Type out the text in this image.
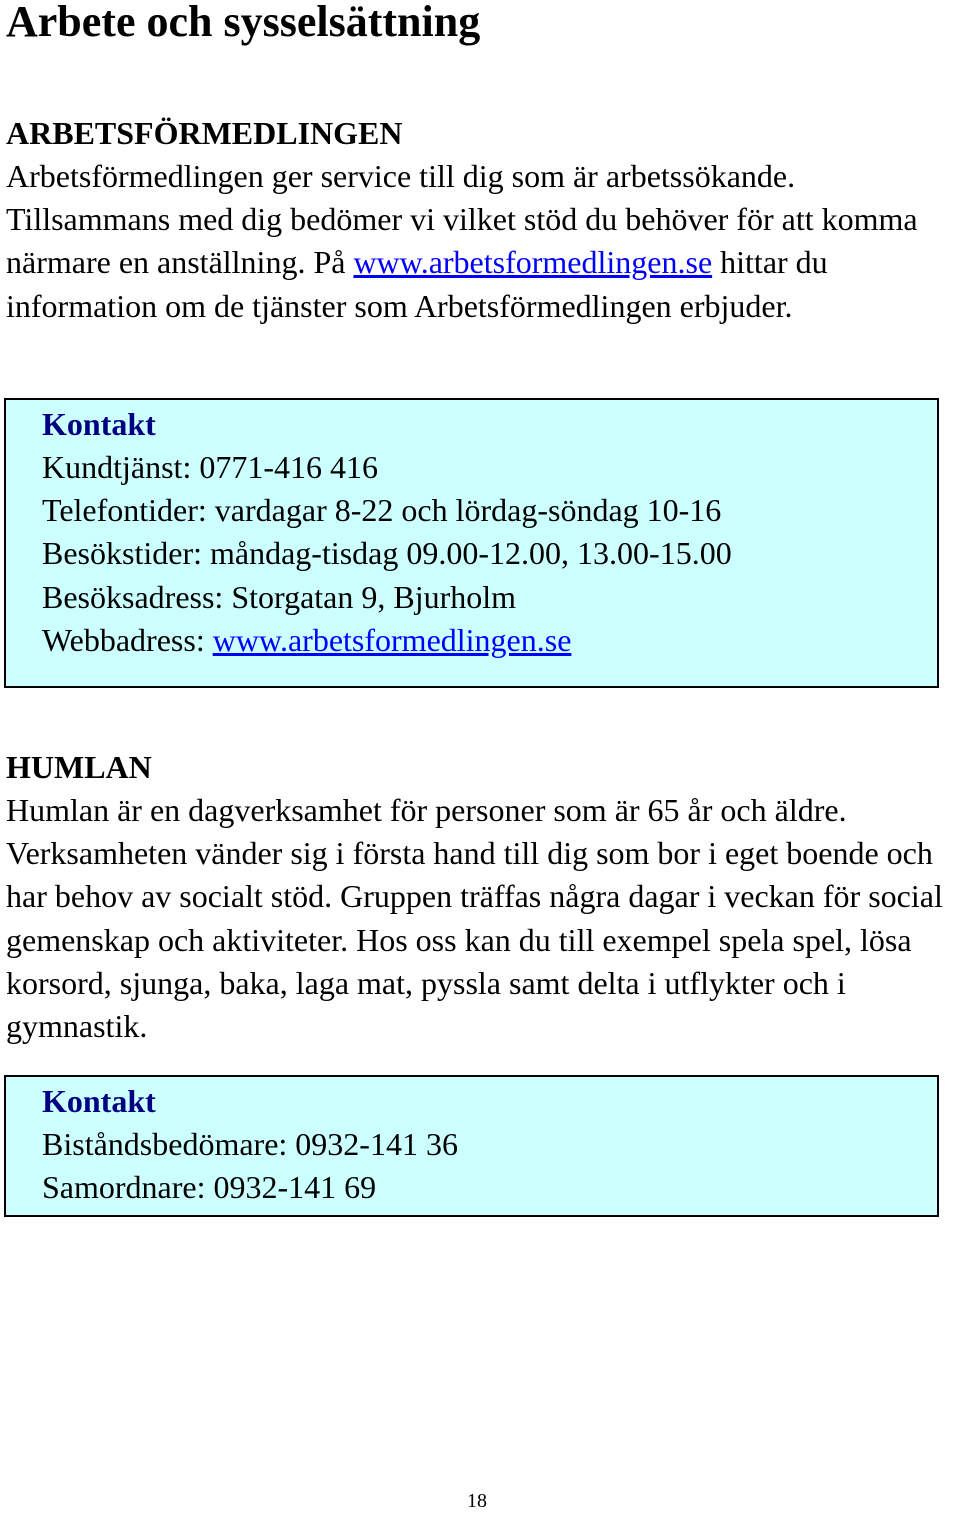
Arbete och sysselsättning
ARBETSFÖRMEDLINGEN

Arbetsförmedlingen ger service till dig som är arbetssökande. Tillsammans med dig bedömer vi vilket stöd du behöver för att komma närmare en anställning. På www.arbetsformedlingen.se hittar du information om de tjänster som Arbetsförmedlingen erbjuder.

Kontakt

Kundtjänst: 0771-416 416

Telefontider: vardagar 8-22 och lördag-söndag 10-16

Besökstider: måndag-tisdag 09.00-12.00, 13.00-15.00

Besöksadress: Storgatan 9, Bjurholm

Webbadress: www.arbetsformedlingen.se

HUMLAN

Humlan är en dagverksamhet för personer som är 65 år och äldre. Verksamheten vänder sig i första hand till dig som bor i eget boende och har behov av socialt stöd. Gruppen träffas några dagar i veckan för social gemenskap och aktiviteter. Hos oss kan du till exempel spela spel, lösa korsord, sjunga, baka, laga mat, pyssla samt delta i utflykter och i gymnastik.

Kontakt

Biståndsbedömare: 0932-141 36

Samordnare: 0932-141 69

18
